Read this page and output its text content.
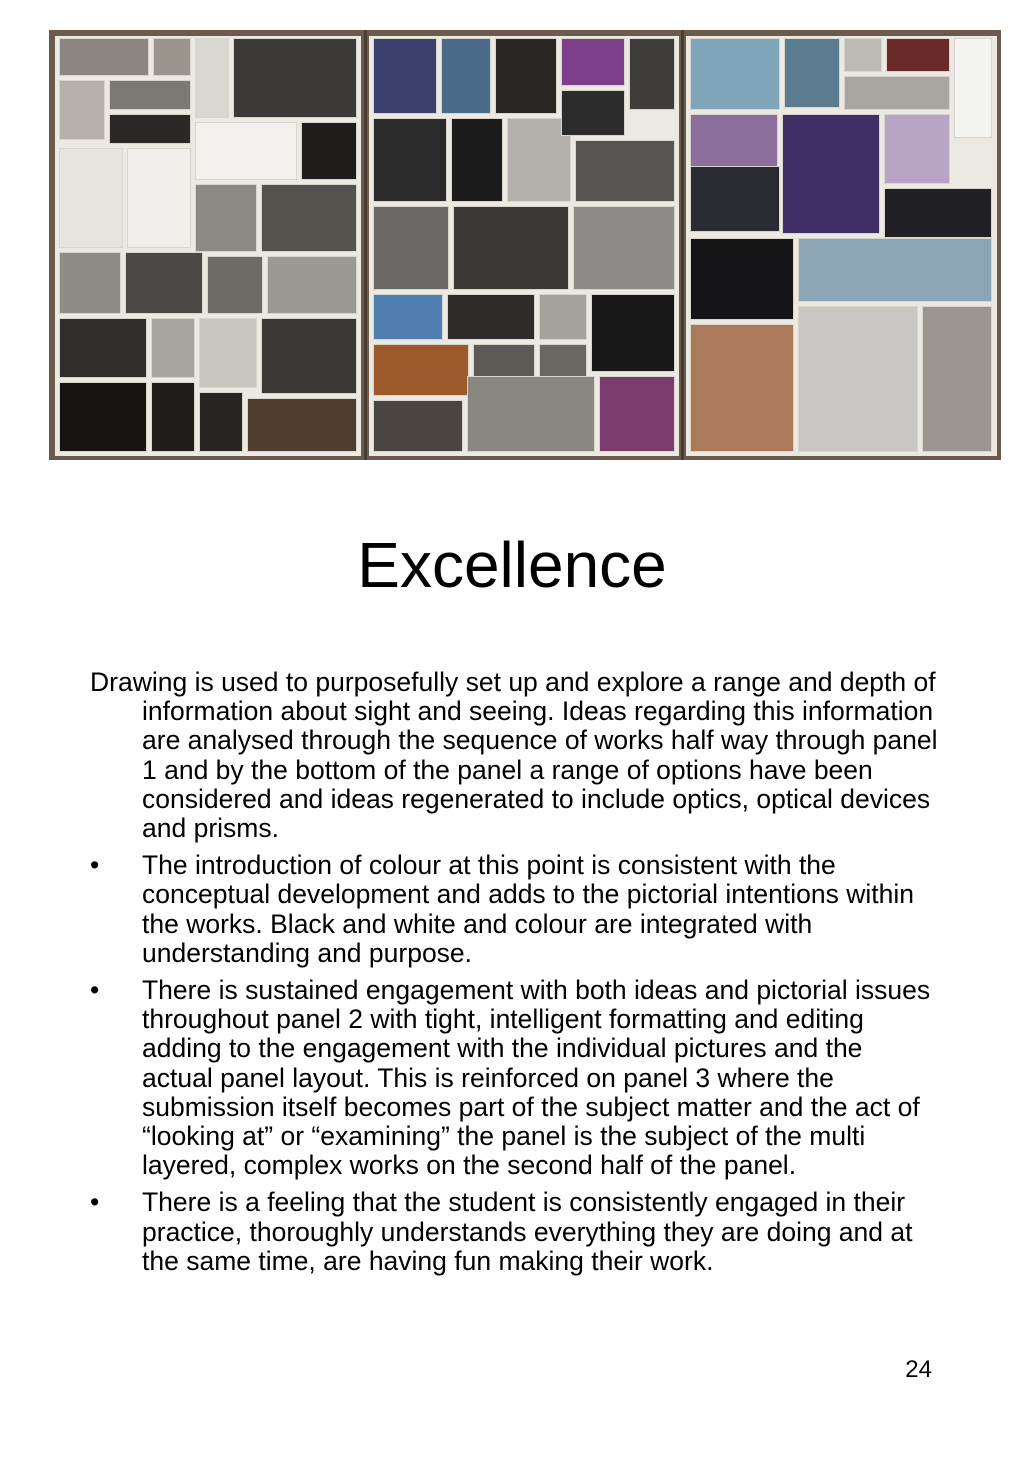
Excellence

Drawing is used to purposefully set up and explore a range and depth of information about sight and seeing. Ideas regarding this information are analysed through the sequence of works half way through panel 1 and by the bottom of the panel a range of options have been considered and ideas regenerated to include optics, optical devices and prisms.

• The introduction of colour at this point is consistent with the conceptual development and adds to the pictorial intentions within the works. Black and white and colour are integrated with understanding and purpose.
• There is sustained engagement with both ideas and pictorial issues throughout panel 2 with tight, intelligent formatting and editing adding to the engagement with the individual pictures and the actual panel layout. This is reinforced on panel 3 where the submission itself becomes part of the subject matter and the act of “looking at” or “examining” the panel is the subject of the multi layered, complex works on the second half of the panel.
• There is a feeling that the student is consistently engaged in their practice, thoroughly understands everything they are doing and at the same time, are having fun making their work.
24
